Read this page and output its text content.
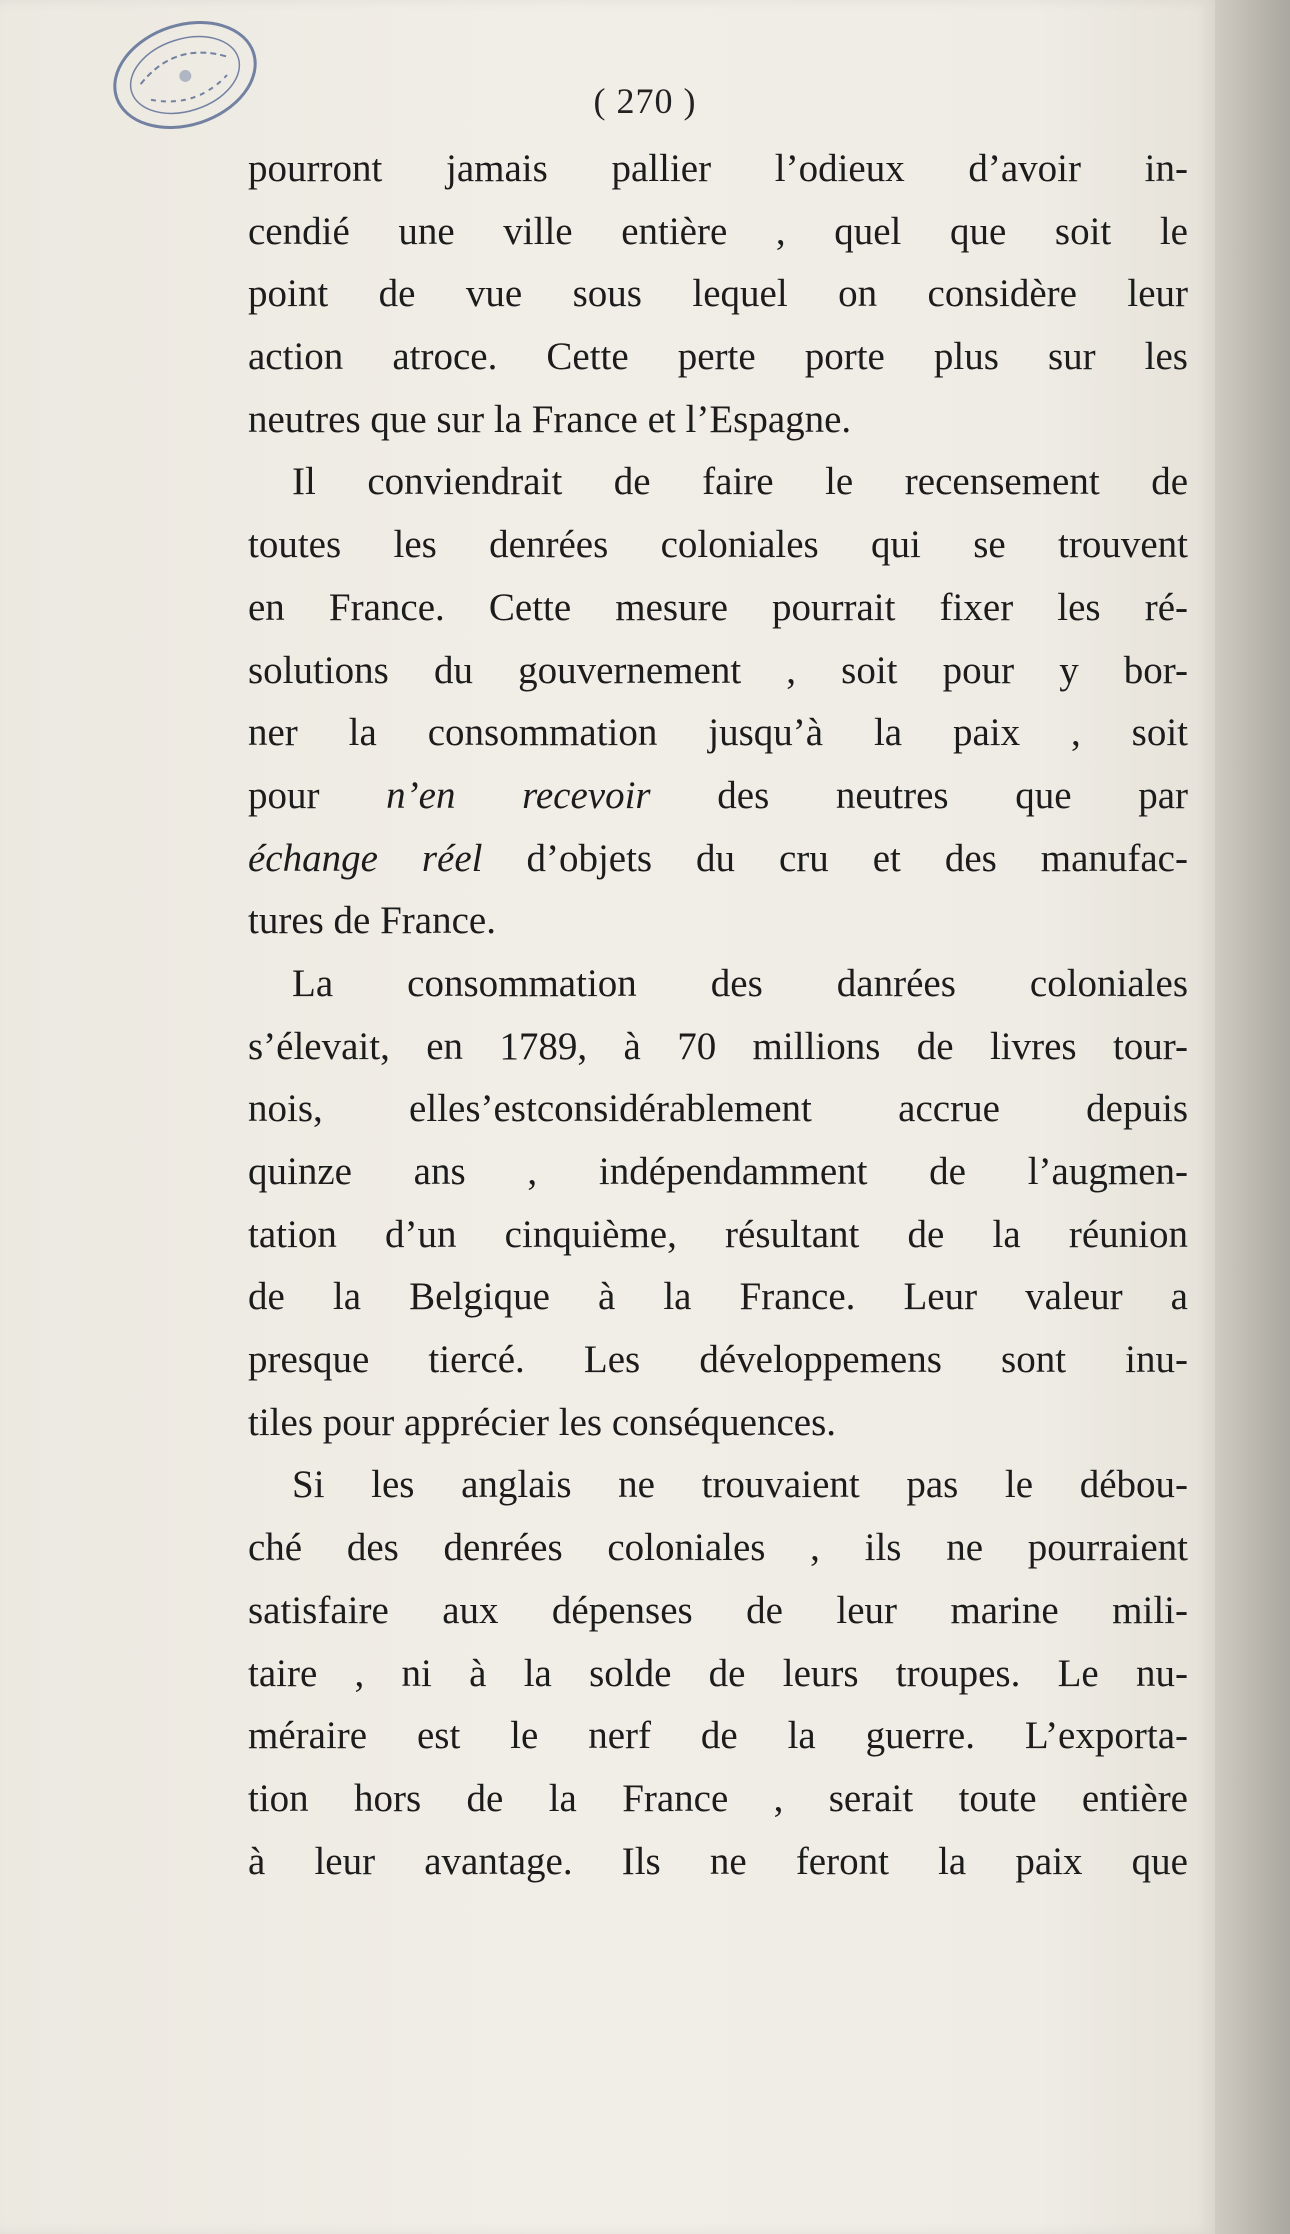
( 270 )
pourront jamais pallier l’odieux d’avoir in-
cendié une ville entière , quel que soit le
point de vue sous lequel on considère leur
action atroce. Cette perte porte plus sur les
neutres que sur la France et l’Espagne.
Il conviendrait de faire le recensement de
toutes les denrées coloniales qui se trouvent
en France. Cette mesure pourrait fixer les ré-
solutions du gouvernement , soit pour y bor-
ner la consommation jusqu’à la paix , soit
pour n’en recevoir des neutres que par
échange réel d’objets du cru et des manufac-
tures de France.
La consommation des danrées coloniales
s’élevait, en 1789, à 70 millions de livres tour-
nois, elles’estconsidérablement accrue depuis
quinze ans , indépendamment de l’augmen-
tation d’un cinquième, résultant de la réunion
de la Belgique à la France. Leur valeur a
presque tiercé. Les développemens sont inu-
tiles pour apprécier les conséquences.
Si les anglais ne trouvaient pas le débou-
ché des denrées coloniales , ils ne pourraient
satisfaire aux dépenses de leur marine mili-
taire , ni à la solde de leurs troupes. Le nu-
méraire est le nerf de la guerre. L’exporta-
tion hors de la France , serait toute entière
à leur avantage. Ils ne feront la paix que
